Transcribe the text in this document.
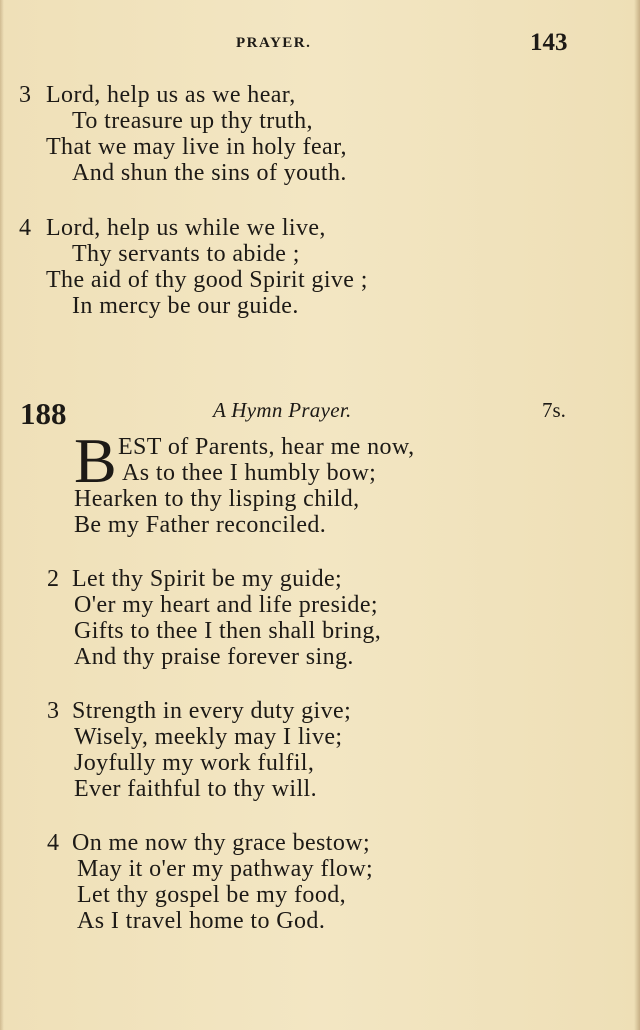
PRAYER.	143
3 Lord, help us as we hear,
To treasure up thy truth,
That we may live in holy fear,
And shun the sins of youth.
4 Lord, help us while we live,
Thy servants to abide ;
The aid of thy good Spirit give ;
In mercy be our guide.
188	A Hymn Prayer.	7s.
B EST of Parents, hear me now,
As to thee I humbly bow;
Hearken to thy lisping child,
Be my Father reconciled.
2 Let thy Spirit be my guide;
O'er my heart and life preside;
Gifts to thee I then shall bring,
And thy praise forever sing.
3 Strength in every duty give;
Wisely, meekly may I live;
Joyfully my work fulfil,
Ever faithful to thy will.
4 On me now thy grace bestow;
May it o'er my pathway flow;
Let thy gospel be my food,
As I travel home to God.
